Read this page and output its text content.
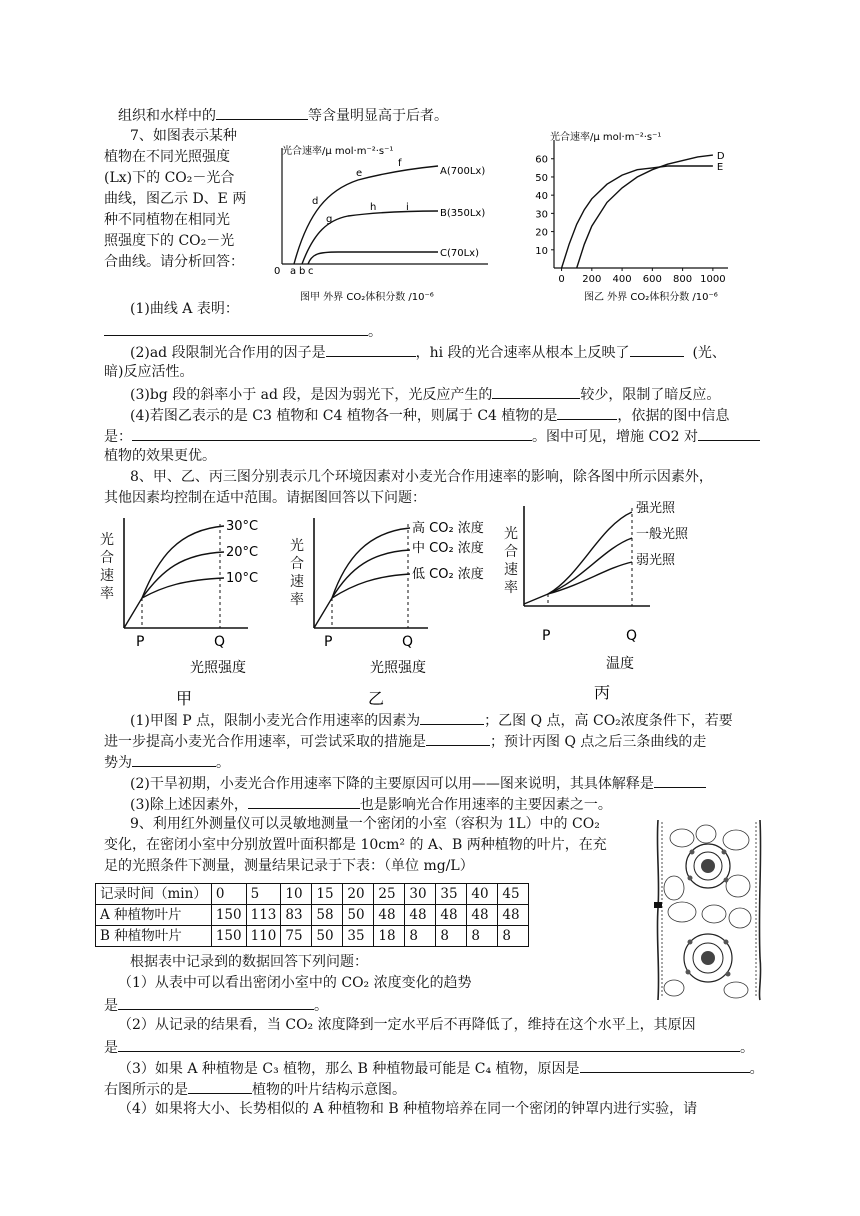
组织和水样中的	等含量明显高于后者。
7、如图表示某种
植物在不同光照强度
(Lx)下的 CO₂－光合
曲线，图乙示 D、E 两
种不同植物在相同光
照强度下的 CO₂－光
合曲线。请分析回答：
光合速率/μ mol·m⁻²·s⁻¹
A(700Lx)
B(350Lx)
C(70Lx)
d
e
f
g
h	i
0 a b c
图甲 外界 CO₂体积分数 /10⁻⁶
光合速率/μ mol·m⁻²·s⁻¹
图乙 外界 CO₂体积分数 /10⁻⁶
10
20
30
40
50
60
0 200 400 600 800 1000
D
E
(1)曲线 A 表明：
。
(2)ad 段限制光合作用的因子是	，hi 段的光合速率从根本上反映了	(光、
暗)反应活性。
(3)bg 段的斜率小于 ad 段，是因为弱光下，光反应产生的	较少，限制了暗反应。
(4)若图乙表示的是 C3 植物和 C4 植物各一种，则属于 C4 植物的是	，依据的图中信息
是：	。图中可见，增施 CO2 对
植物的效果更优。
8、甲、乙、丙三图分别表示几个环境因素对小麦光合作用速率的影响，除各图中所示因素外，
其他因素均控制在适中范围。请据图回答以下问题：
光
合
速
率
30°C
20°C
10°C
P	Q
光照强度
甲
光
合
速
率
高 CO₂ 浓度
中 CO₂ 浓度
低 CO₂ 浓度
P	Q
光照强度
乙
光
合
速
率
强光照
一般光照
弱光照
P	Q
温度
丙
(1)甲图 P 点，限制小麦光合作用速率的因素为	；乙图 Q 点，高 CO₂浓度条件下，若要
进一步提高小麦光合作用速率，可尝试采取的措施是	；预计丙图 Q 点之后三条曲线的走
势为	。
(2)干旱初期，小麦光合作用速率下降的主要原因可以用——图来说明，其具体解释是
(3)除上述因素外，	也是影响光合作用速率的主要因素之一。
9、利用红外测量仪可以灵敏地测量一个密闭的小室（容积为 1L）中的 CO₂
变化，在密闭小室中分别放置叶面积都是 10cm² 的 A、B 两种植物的叶片，在充
足的光照条件下测量，测量结果记录于下表：（单位 mg/L）
记录时间（min）	0	5	10	15	20	25	30	35	40	45
A 种植物叶片	150	113	83	58	50	48	48	48	48	48
B 种植物叶片	150	110	75	50	35	18	8	8	8	8
根据表中记录到的数据回答下列问题：
（1）从表中可以看出密闭小室中的 CO₂ 浓度变化的趋势
是	。
（2）从记录的结果看，当 CO₂ 浓度降到一定水平后不再降低了，维持在这个水平上，其原因
是	。
（3）如果 A 种植物是 C₃ 植物，那么 B 种植物最可能是 C₄ 植物，原因是	。
右图所示的是	植物的叶片结构示意图。
（4）如果将大小、长势相似的 A 种植物和 B 种植物培养在同一个密闭的钟罩内进行实验，请
